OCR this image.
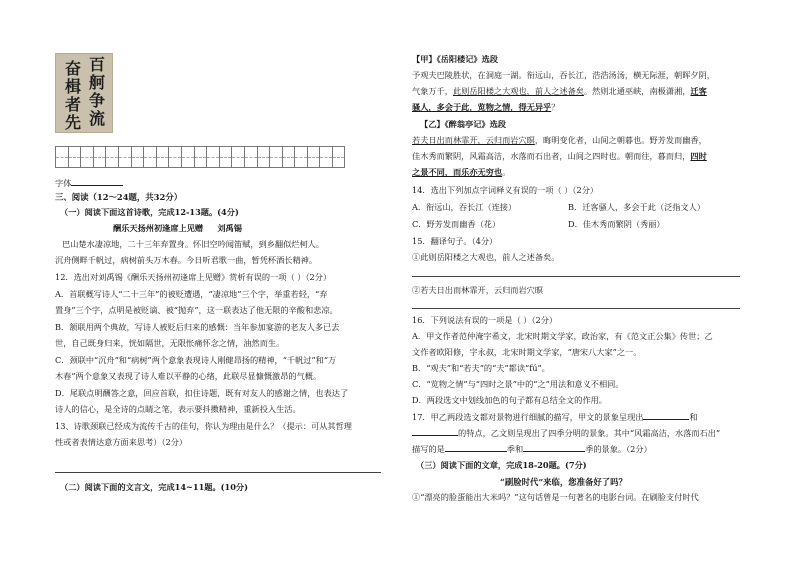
百
舸
争
流
奋
楫
者
先
字体
三、阅读（12～24题，共32分）
（一）阅读下面这首诗歌，完成12-13题。(4分)
酬乐天扬州初逢席上见赠 刘禹锡
巴山楚水凄凉地，二十三年弃置身。怀旧空吟闻笛赋，到乡翻似烂柯人。
沉舟侧畔千帆过，病树前头万木春。今日听君歌一曲，暂凭杯酒长精神。
12．选出对刘禹锡《酬乐天扬州初逢席上见赠》赏析有误的一项（ ）（2分）
A．首联概写诗人“二十三年”的被贬遭遇，“凄凉地”三个字，举重若轻，“弃
置身”三个字，点明是被贬谪、被“抛弃”，这一联表达了他无限的辛酸和悲凉。
B．颔联用两个典故，写诗人被贬后归来的感慨：当年参加宴游的老友人多已去
世，自己既身归来，恍如隔世，无限怅痛怀念之情，油然而生。
C．颈联中“沉舟”和“病树”两个意象表现诗人刚健昂扬的精神，“千帆过”和“万
木春”两个意象又表现了诗人难以平静的心绪，此联尽显慷慨激昂的气概。
D．尾联点明酬答之意，回应首联，扣住诗题，既有对友人的感谢之情，也表达了
诗人的信心，是全诗的点睛之笔，表示要抖擞精神，重新投入生活。
13、诗歌颈联已经成为流传千古的佳句，你认为理由是什么？（提示：可从其哲理
性或者表情达意方面来思考）（2分）
（二）阅读下面的文言文，完成14~11题。(10分)
【甲】《岳阳楼记》选段
予观夫巴陵胜状，在洞庭一湖。衔远山，吞长江，浩浩汤汤，横无际涯，朝晖夕阴，
气象万千，此则岳阳楼之大观也，前人之述备矣。然则北通巫峡，南极潇湘，迁客
骚人，多会于此，览物之情，得无异乎？
【乙】《醉翁亭记》选段
若夫日出而林霏开，云归而岩穴暝，晦明变化者，山间之朝暮也。野芳发而幽香，
佳木秀而繁阴，风霜高洁，水落而石出者，山间之四时也。朝而往，暮而归，四时
之景不同，而乐亦无穷也。
14．选出下列加点字词释义有误的一项（ ）（2分）
A．衔远山，吞长江（连接）	B．迁客骚人，多会于此（泛指文人）
C．野芳发而幽香（花）	D．佳木秀而繁阴（秀丽）
15．翻译句子。（4分）
①此则岳阳楼之大观也，前人之述备矣。
②若夫日出而林霏开，云归而岩穴暝
16．下列说法有误的一项是（ ）（2分）
A．甲文作者范仲淹字希文，北宋时期文学家，政治家，有《范文正公集》传世；乙
文作者欧阳修，字永叔，北宋时期文学家，“唐宋八大家”之一。
B．“观夫”和“若夫”的“夫”都读“fú”。
C．“览物之情”与“四时之景”中的“之”用法和意义不相同。
D．两段选文中划线加色的句子都有总结全文的作用。
17．甲乙两段选文都对景物进行细腻的描写，甲文的景象呈现出	和
的特点，乙文则呈现出了四季分明的景象。其中“风霜高洁，水落而石出”
描写的是	季和	季的景象。（2分）
（三）阅读下面的文章，完成18-20题。(7分)
“刷脸时代”来临，您准备好了吗？
①“漂亮的脸蛋能出大米吗？”这句话曾是一句著名的电影台词。在刷脸支付时代
